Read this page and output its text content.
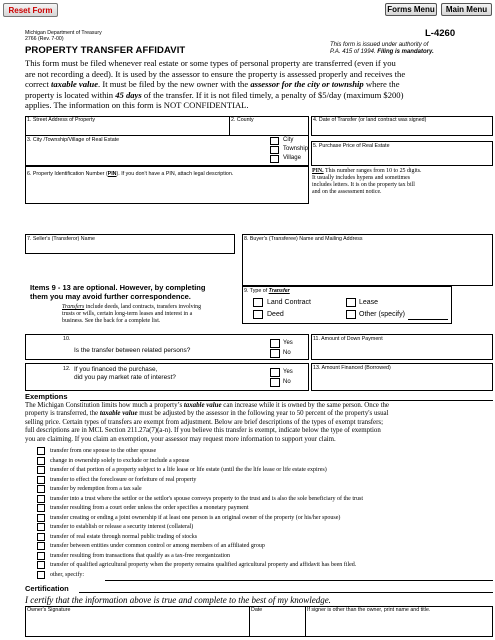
Reset Form	Forms Menu	Main Menu
Michigan Department of Treasury
2766 (Rev. 7-00)
PROPERTY TRANSFER AFFIDAVIT
L-4260
This form is issued under authority of
P.A. 415 of 1994. Filing is mandatory.
This form must be filed whenever real estate or some types of personal property are transferred (even if you
are not recording a deed). It is used by the assessor to ensure the property is assessed properly and receives the
correct taxable value. It must be filed by the new owner with the assessor for the city or township where the
property is located within 45 days of the transfer. If it is not filed timely, a penalty of $5/day (maximum $200)
applies. The information on this form is NOT CONFIDENTIAL.
1. Street Address of Property	2. County	4. Date of Transfer (or land contract was signed)
3. City /Township/Village of Real Estate	City
Township
Village
5. Purchase Price of Real Estate
6. Property Identification Number (PIN). If you don't have a PIN, attach legal description.	PIN. This number ranges from 10 to 25 digits.
It usually includes hypens and sometimes
includes letters. It is on the property tax bill
and on the assessment notice.
7. Seller's (Transferor) Name	8. Buyer's (Transferee) Name and Mailing Address
Items 9 - 13 are optional. However, by completing
them you may avoid further correspondence.
Transfers include deeds, land contracts, transfers involving
trusts or wills, certain long-term leases and interest in a
business. See the back for a complete list.
9. Type of Transfer
Land Contract	Lease
Deed	Other (specify)
10.
Is the transfer between related persons?
Yes
No
11. Amount of Down Payment
12. If you financed the purchase,
did you pay market rate of interest?
Yes
No
13. Amount Financed (Borrowed)
Exemptions
The Michigan Constitution limits how much a property’s taxable value can increase while it is owned by the same person. Once the
property is transferred, the taxable value must be adjusted by the assessor in the following year to 50 percent of the property's usual
selling price. Certain types of transfers are exempt from adjustment. Below are brief descriptions of the types of exempt transfers;
full descriptions are in MCL Section 211.27a(7)(a-n). If you believe this transfer is exempt, indicate below the type of exemption
you are claiming. If you claim an exemption, your assessor may request more information to support your claim.
transfer from one spouse to the other spouse
change in ownership solely to exclude or include a spouse
transfer of that portion of a property subject to a life lease or life estate (until the the life lease or life estate expires)
transfer to effect the foreclosure or forfeiture of real property
transfer by redemption from a tax sale
transfer into a trust where the settlor or the settlor's spouse conveys property to the trust and is also the sole beneficiary of the trust
transfer resulting from a court order unless the order specifies a monetary payment
transfer creating or ending a joint ownership if at least one person is an original owner of the property (or his/her spouse)
transfer to establish or release a security interest (collateral)
transfer of real estate through normal public trading of stocks
transfer between entities under common control or among members of an affiliated group
transfer resulting from transactions that qualify as a tax-free reorganization
transfer of qualified agricultural property when the property remains qualified agricultural property and affidavit has been filed.
other, specify:
Certification
I certify that the information above is true and complete to the best of my knowledge.
Owner's Signature	Date	If signer is other than the owner, print name and title.
